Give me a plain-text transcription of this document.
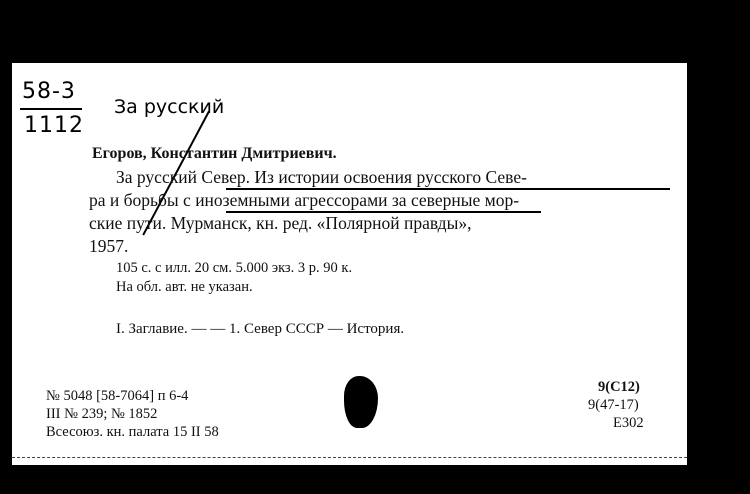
58-3
1112
За русский
Егоров, Константин Дмитриевич.
За русский Север. Из истории освоения русского Севе-
ра и борьбы с иноземными агрессорами за северные мор-
ские пути. Мурманск, кн. ред. «Полярной правды»,
1957.
105 с. с илл. 20 см. 5.000 экз. 3 р. 90 к.
На обл. авт. не указан.
I. Заглавие. — — 1. Север СССР — История.
№ 5048 [58-7064] п 6-4
III № 239; № 1852
Всесоюз. кн. палата 15 II 58
9(С12)
9(47-17)
Е302
